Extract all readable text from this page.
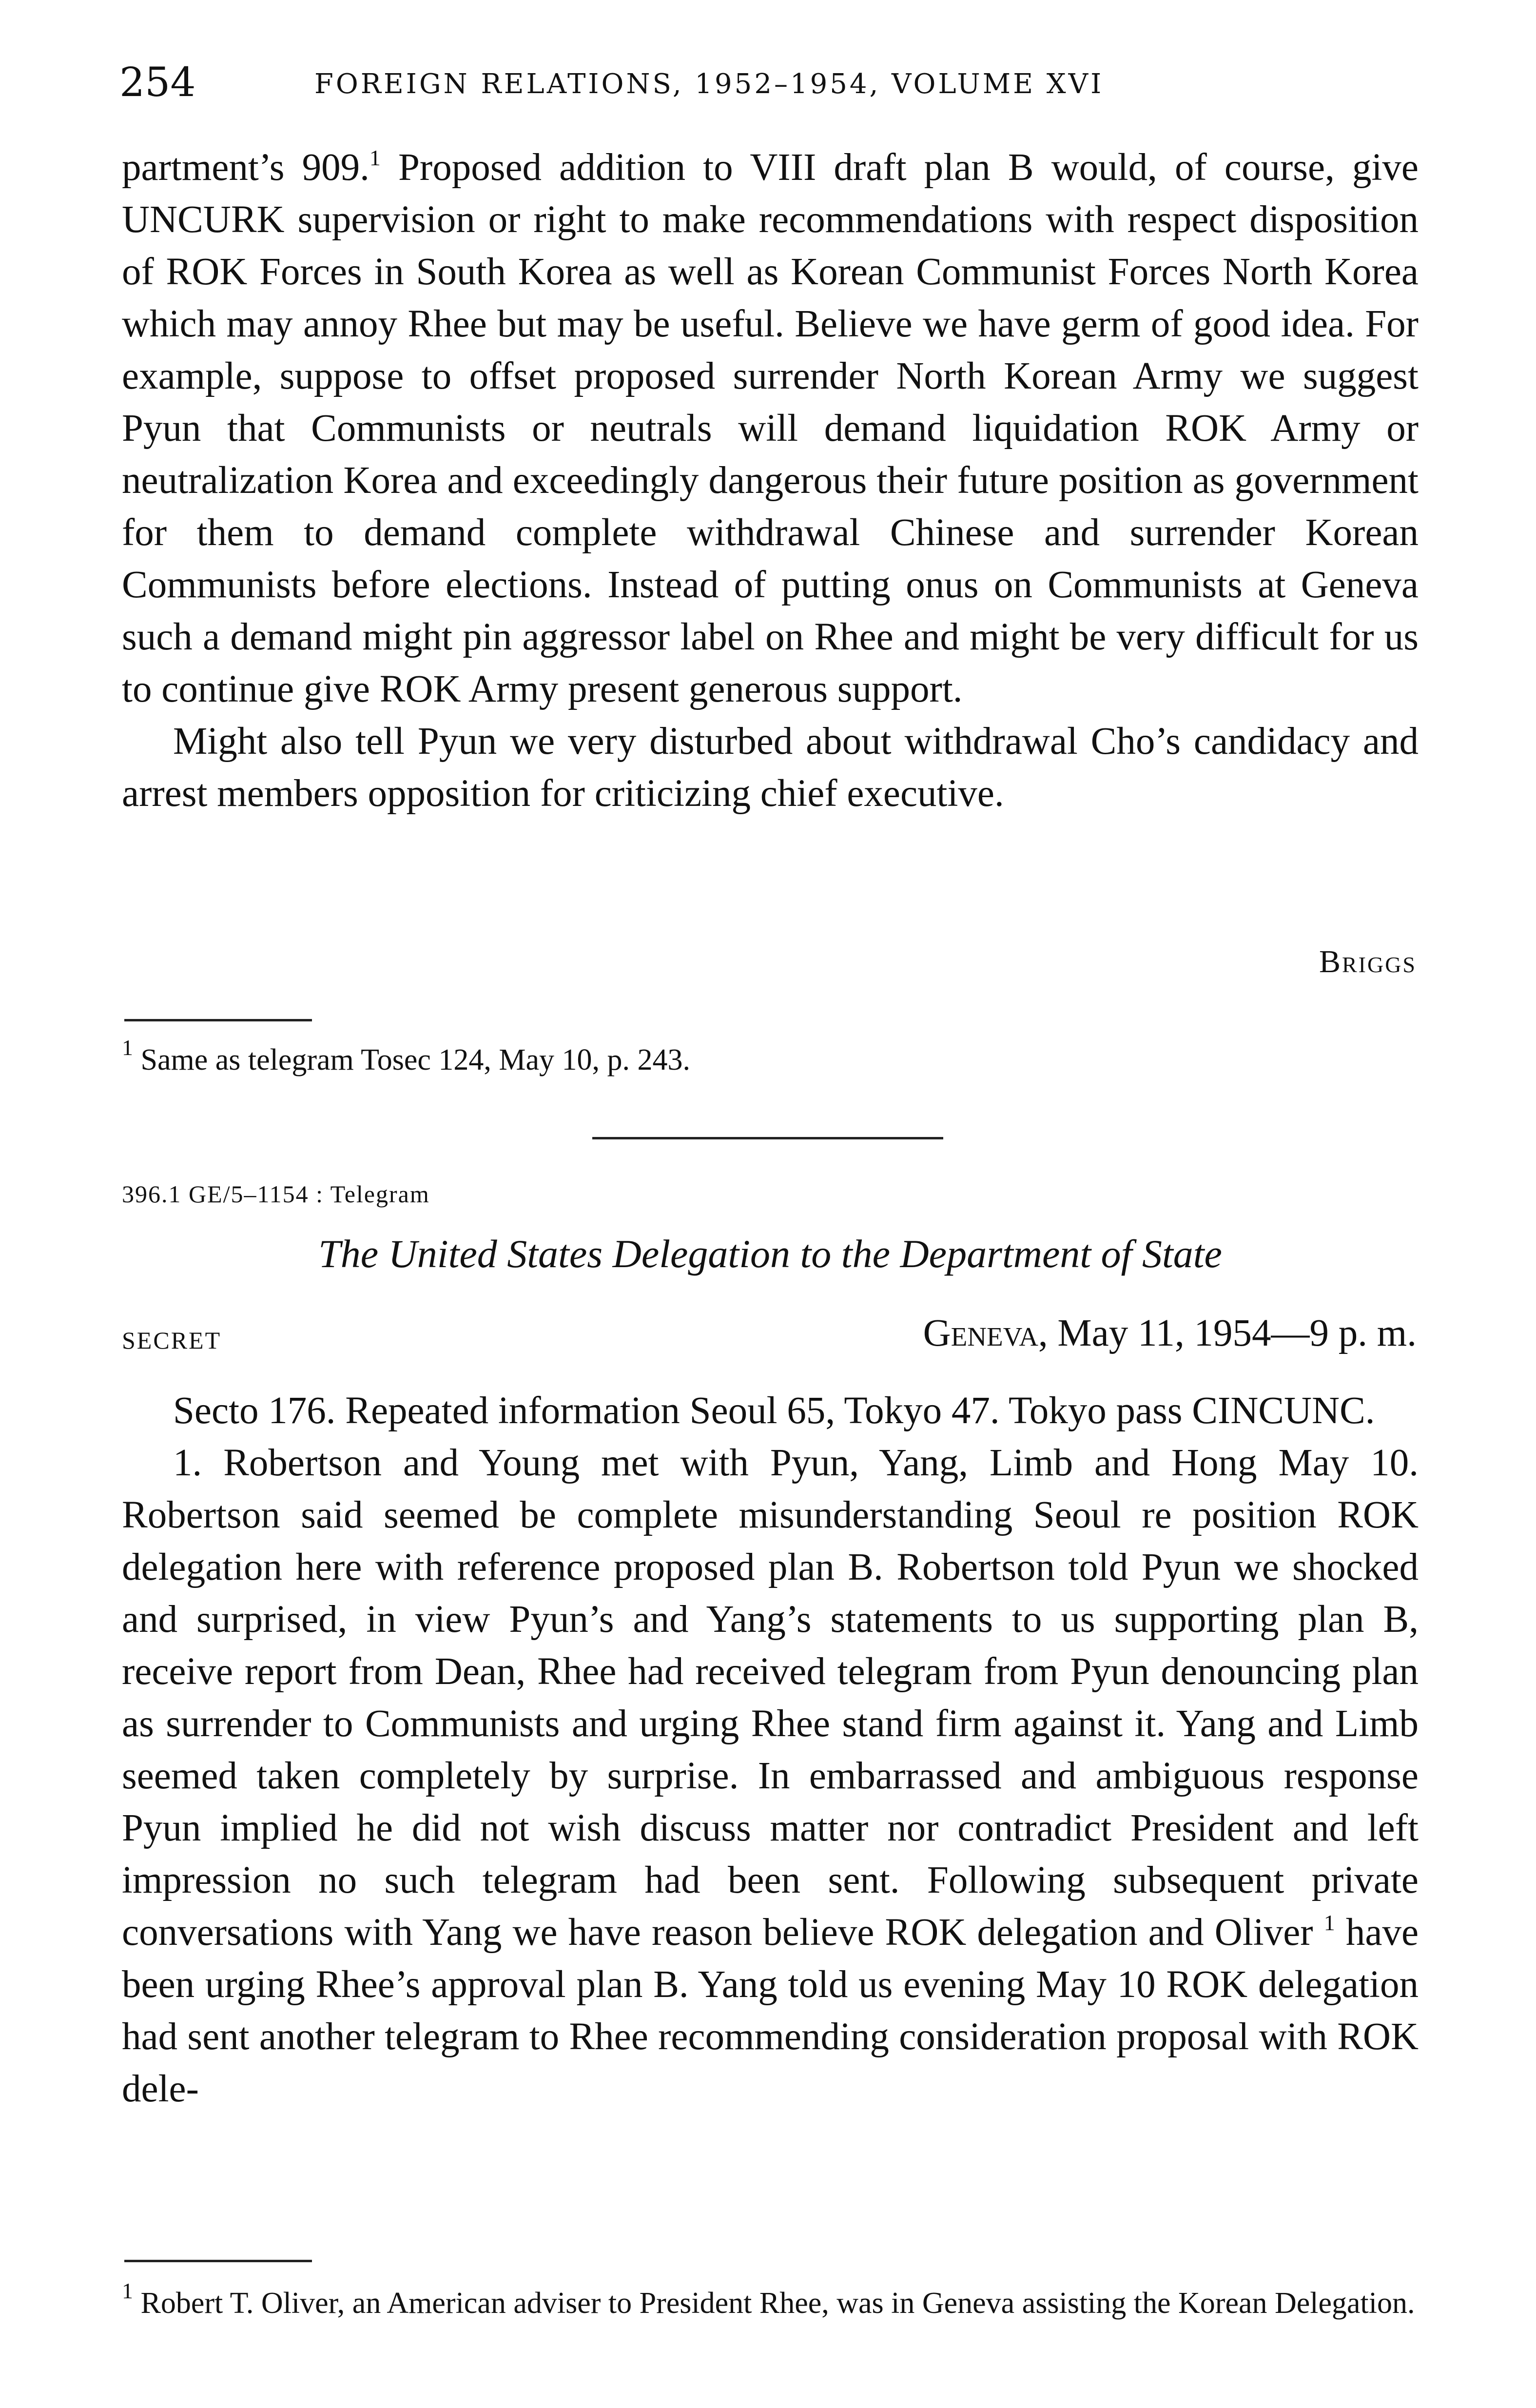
254	FOREIGN RELATIONS, 1952–1954, VOLUME XVI

partment’s 909.$^1$ Proposed addition to VIII draft plan B would, of course, give UNCURK supervision or right to make recommendations with respect disposition of ROK Forces in South Korea as well as Korean Communist Forces North Korea which may annoy Rhee but may be useful. Believe we have germ of good idea. For example, suppose to offset proposed surrender North Korean Army we suggest Pyun that Communists or neutrals will demand liquidation ROK Army or neutralization Korea and exceedingly dangerous their future position as government for them to demand complete withdrawal Chinese and surrender Korean Communists before elections. Instead of putting onus on Communists at Geneva such a demand might pin aggressor label on Rhee and might be very difficult for us to continue give ROK Army present generous support.

Might also tell Pyun we very disturbed about withdrawal Cho’s candidacy and arrest members opposition for criticizing chief executive.

Briggs
$^1$ Same as telegram Tosec 124, May 10, p. 243.
396.1 GE/5–1154 : Telegram
The United States Delegation to the Department of State
SECRET	Geneva, May 11, 1954—9 p. m.

Secto 176. Repeated information Seoul 65, Tokyo 47. Tokyo pass CINCUNC.

1. Robertson and Young met with Pyun, Yang, Limb and Hong May 10. Robertson said seemed be complete misunderstanding Seoul re position ROK delegation here with reference proposed plan B. Robertson told Pyun we shocked and surprised, in view Pyun’s and Yang’s statements to us supporting plan B, receive report from Dean, Rhee had received telegram from Pyun denouncing plan as surrender to Communists and urging Rhee stand firm against it. Yang and Limb seemed taken completely by surprise. In embarrassed and ambiguous response Pyun implied he did not wish discuss matter nor contradict President and left impression no such telegram had been sent. Following subsequent private conversations with Yang we have reason believe ROK delegation and Oliver $^1$ have been urging Rhee’s approval plan B. Yang told us evening May 10 ROK delegation had sent another telegram to Rhee recommending consideration proposal with ROK dele-

$^1$ Robert T. Oliver, an American adviser to President Rhee, was in Geneva assisting the Korean Delegation.
